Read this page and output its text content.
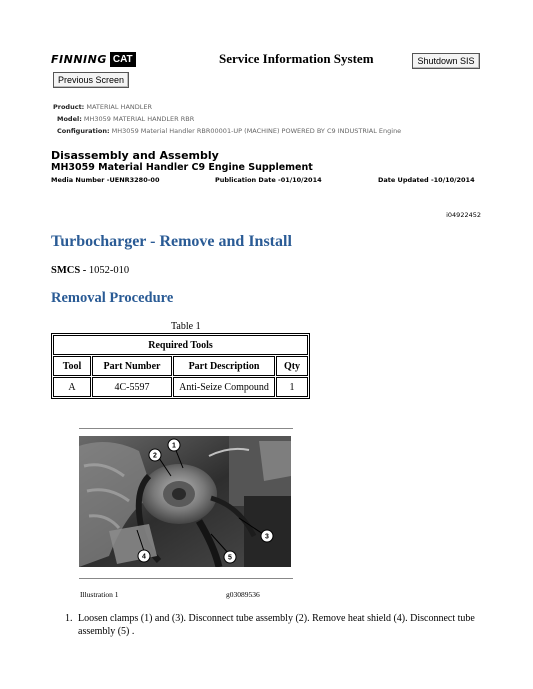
FINNING CAT	Service Information System	Shutdown SIS
Previous Screen
Product: MATERIAL HANDLER
Model: MH3059 MATERIAL HANDLER RBR
Configuration: MH3059 Material Handler RBR00001-UP (MACHINE) POWERED BY C9 INDUSTRIAL Engine
Disassembly and Assembly
MH3059 Material Handler C9 Engine Supplement
Media Number -UENR3280-00	Publication Date -01/10/2014	Date Updated -10/10/2014
i04922452
Turbocharger - Remove and Install
SMCS - 1052-010
Removal Procedure
Table 1
Required Tools			
Tool	Part Number	Part Description	Qty
A	4C-5597	Anti-Seize Compound	1
1
2
3
4	5
Illustration 1	g03089536
1. Loosen clamps (1) and (3). Disconnect tube assembly (2). Remove heat shield (4). Disconnect tube assembly (5) .
